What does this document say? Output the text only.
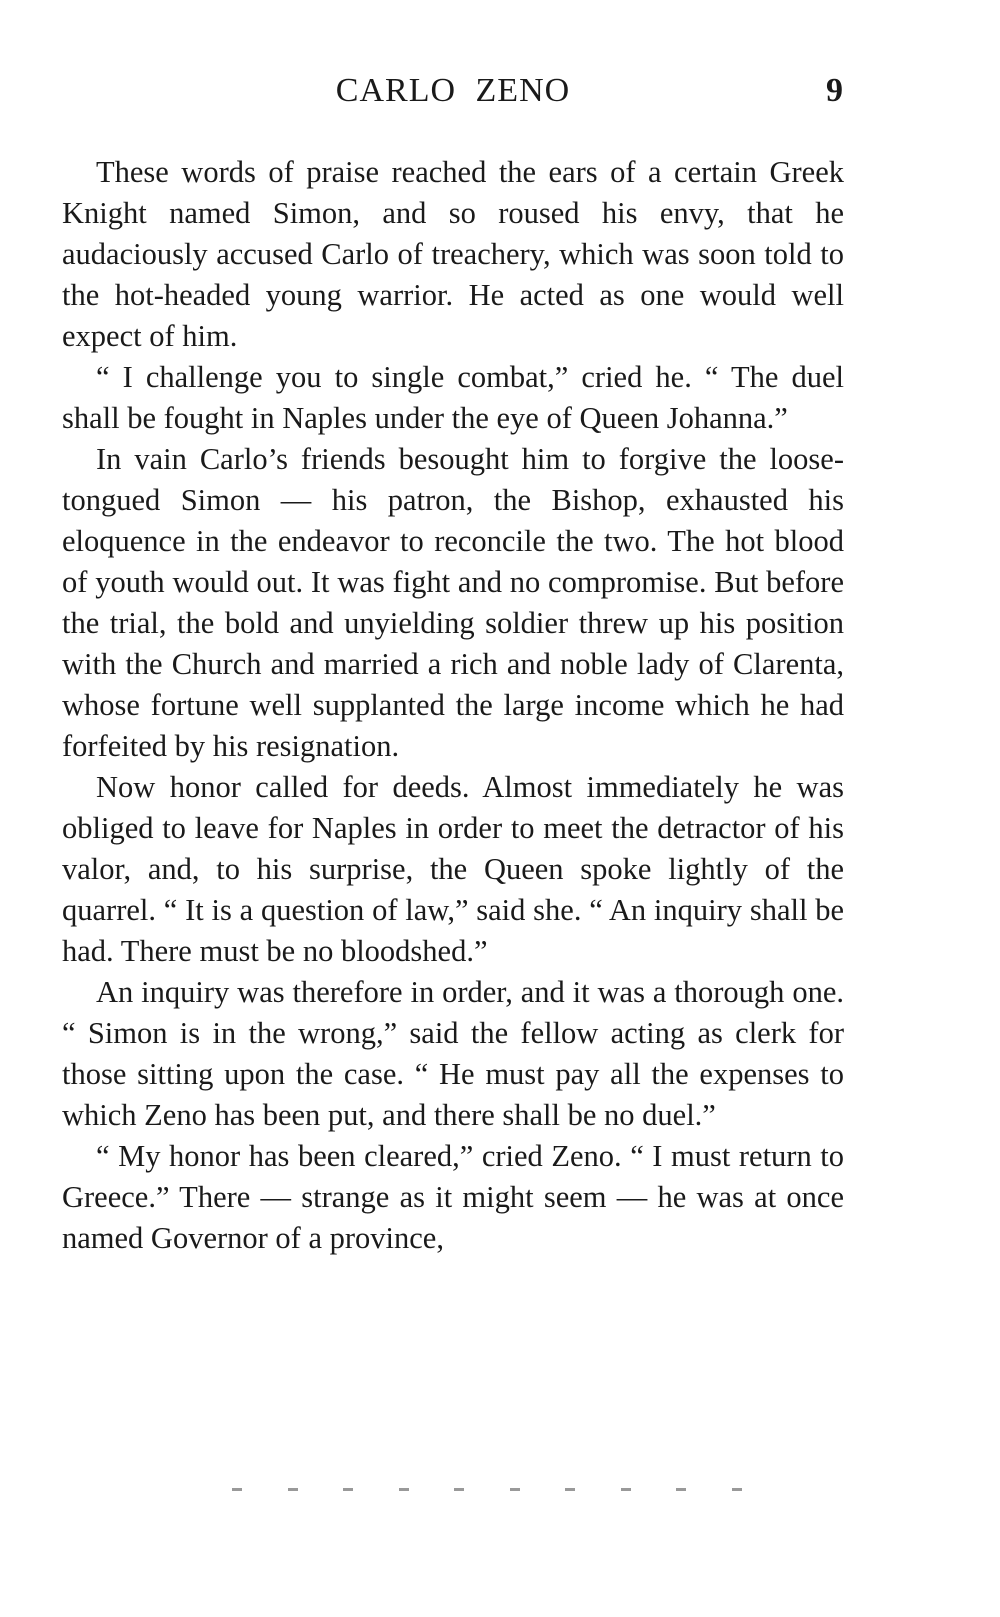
CARLO ZENO	9

These words of praise reached the ears of a certain Greek Knight named Simon, and so roused his envy, that he audaciously accused Carlo of treachery, which was soon told to the hot-headed young warrior. He acted as one would well expect of him.

“ I challenge you to single combat,” cried he. “ The duel shall be fought in Naples under the eye of Queen Johanna.”

In vain Carlo’s friends besought him to forgive the loose-tongued Simon — his patron, the Bishop, exhausted his eloquence in the endeavor to reconcile the two. The hot blood of youth would out. It was fight and no compromise. But before the trial, the bold and unyielding soldier threw up his position with the Church and married a rich and noble lady of Clarenta, whose fortune well supplanted the large income which he had forfeited by his resignation.

Now honor called for deeds. Almost immediately he was obliged to leave for Naples in order to meet the detractor of his valor, and, to his surprise, the Queen spoke lightly of the quarrel. “ It is a question of law,” said she. “ An inquiry shall be had. There must be no bloodshed.”

An inquiry was therefore in order, and it was a thorough one. “ Simon is in the wrong,” said the fellow acting as clerk for those sitting upon the case. “ He must pay all the expenses to which Zeno has been put, and there shall be no duel.”

“ My honor has been cleared,” cried Zeno. “ I must return to Greece.” There — strange as it might seem — he was at once named Governor of a province,
